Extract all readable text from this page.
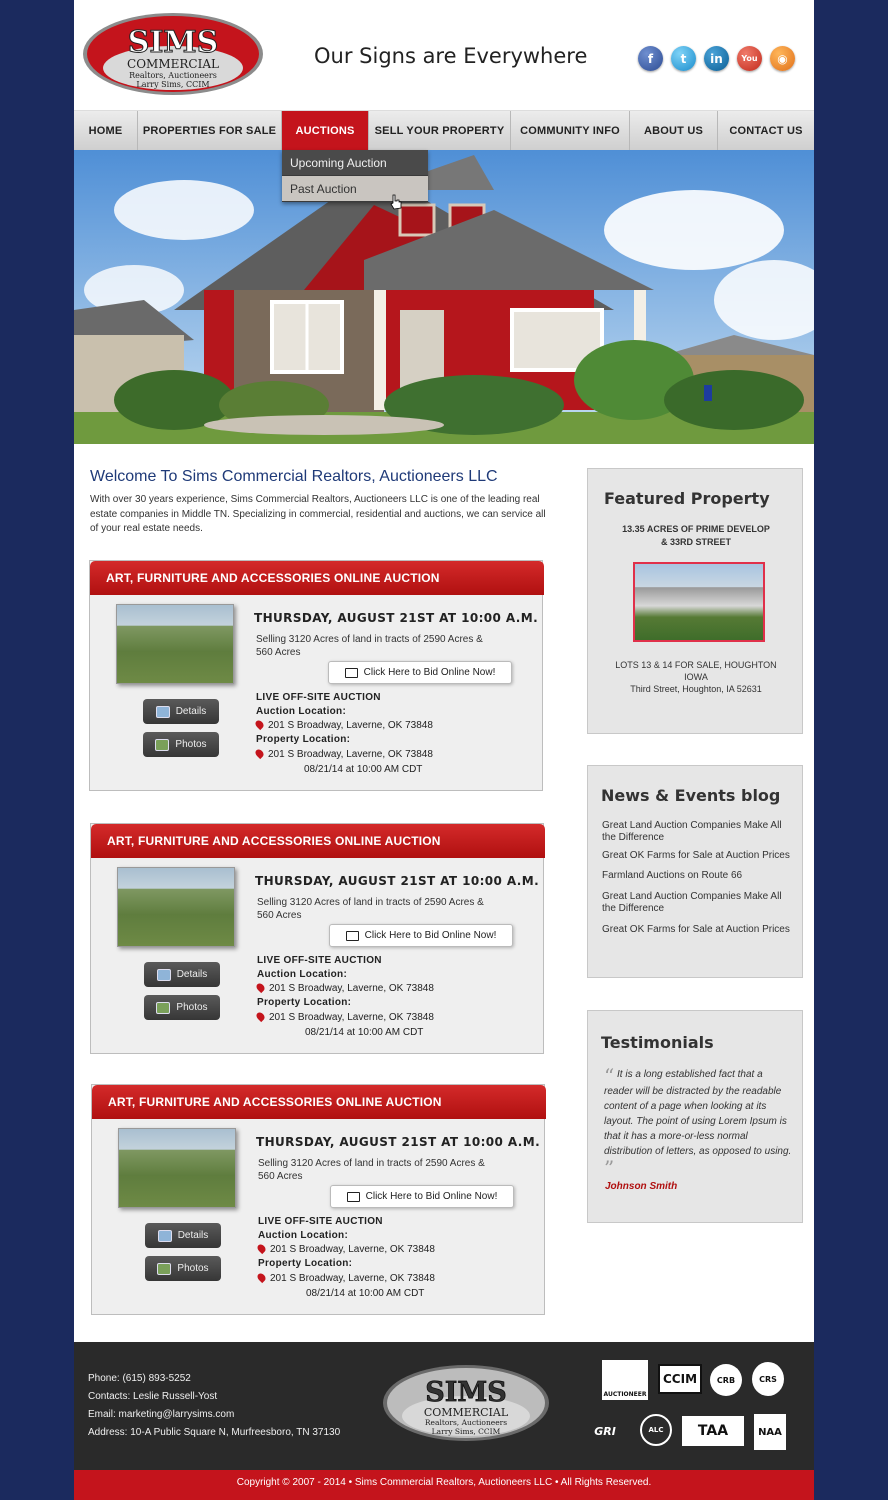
SIMS
COMMERCIAL
Realtors, Auctioneers
Larry Sims, CCIM
Our Signs are Everywhere	f	t	in	You	◉
HOME	PROPERTIES FOR SALE	AUCTIONS	SELL YOUR PROPERTY	COMMUNITY INFO	ABOUT US	CONTACT US
Upcoming Auction
Past Auction
Welcome To Sims Commercial Realtors, Auctioneers LLC
With over 30 years experience, Sims Commercial Realtors, Auctioneers LLC is one of the leading real estate companies in Middle TN. Specializing in commercial, residential and auctions, we can service all of your real estate needs.
ART, FURNITURE AND ACCESSORIES ONLINE AUCTION
Details
Photos
THURSDAY, AUGUST 21ST AT 10:00 A.M.
Selling 3120 Acres of land in tracts of 2590 Acres & 560 Acres
Click Here to Bid Online Now!
LIVE OFF-SITE AUCTION
Auction Location:
201 S Broadway, Laverne, OK 73848
Property Location:
201 S Broadway, Laverne, OK 73848
08/21/14 at 10:00 AM CDT
ART, FURNITURE AND ACCESSORIES ONLINE AUCTION
Details
Photos
THURSDAY, AUGUST 21ST AT 10:00 A.M.
Selling 3120 Acres of land in tracts of 2590 Acres & 560 Acres
Click Here to Bid Online Now!
LIVE OFF-SITE AUCTION
Auction Location:
201 S Broadway, Laverne, OK 73848
Property Location:
201 S Broadway, Laverne, OK 73848
08/21/14 at 10:00 AM CDT
ART, FURNITURE AND ACCESSORIES ONLINE AUCTION
Details
Photos
THURSDAY, AUGUST 21ST AT 10:00 A.M.
Selling 3120 Acres of land in tracts of 2590 Acres & 560 Acres
Click Here to Bid Online Now!
LIVE OFF-SITE AUCTION
Auction Location:
201 S Broadway, Laverne, OK 73848
Property Location:
201 S Broadway, Laverne, OK 73848
08/21/14 at 10:00 AM CDT
Featured Property
13.35 ACRES OF PRIME DEVELOP
& 33RD STREET
LOTS 13 & 14 FOR SALE, HOUGHTON
IOWA
Third Street, Houghton, IA 52631
News & Events blog
Great Land Auction Companies Make All the Difference
Great OK Farms for Sale at Auction Prices
Farmland Auctions on Route 66
Great Land Auction Companies Make All the Difference
Great OK Farms for Sale at Auction Prices
Testimonials
“ It is a long established fact that a reader will be distracted by the readable content of a page when looking at its layout. The point of using Lorem Ipsum is that it has a more-or-less normal distribution of letters, as opposed to using. ”
Johnson Smith
Phone: (615) 893-5252
Contacts: Leslie Russell-Yost
Email: marketing@larrysims.com
Address: 10-A Public Square N, Murfreesboro, TN 37130
SIMS
COMMERCIAL
Realtors, Auctioneers
Larry Sims, CCIM
AUCTIONEER
CCIM	CRB	CRS
GRI	ALC	TAA	NAA
Copyright © 2007 - 2014 • Sims Commercial Realtors, Auctioneers LLC • All Rights Reserved.
